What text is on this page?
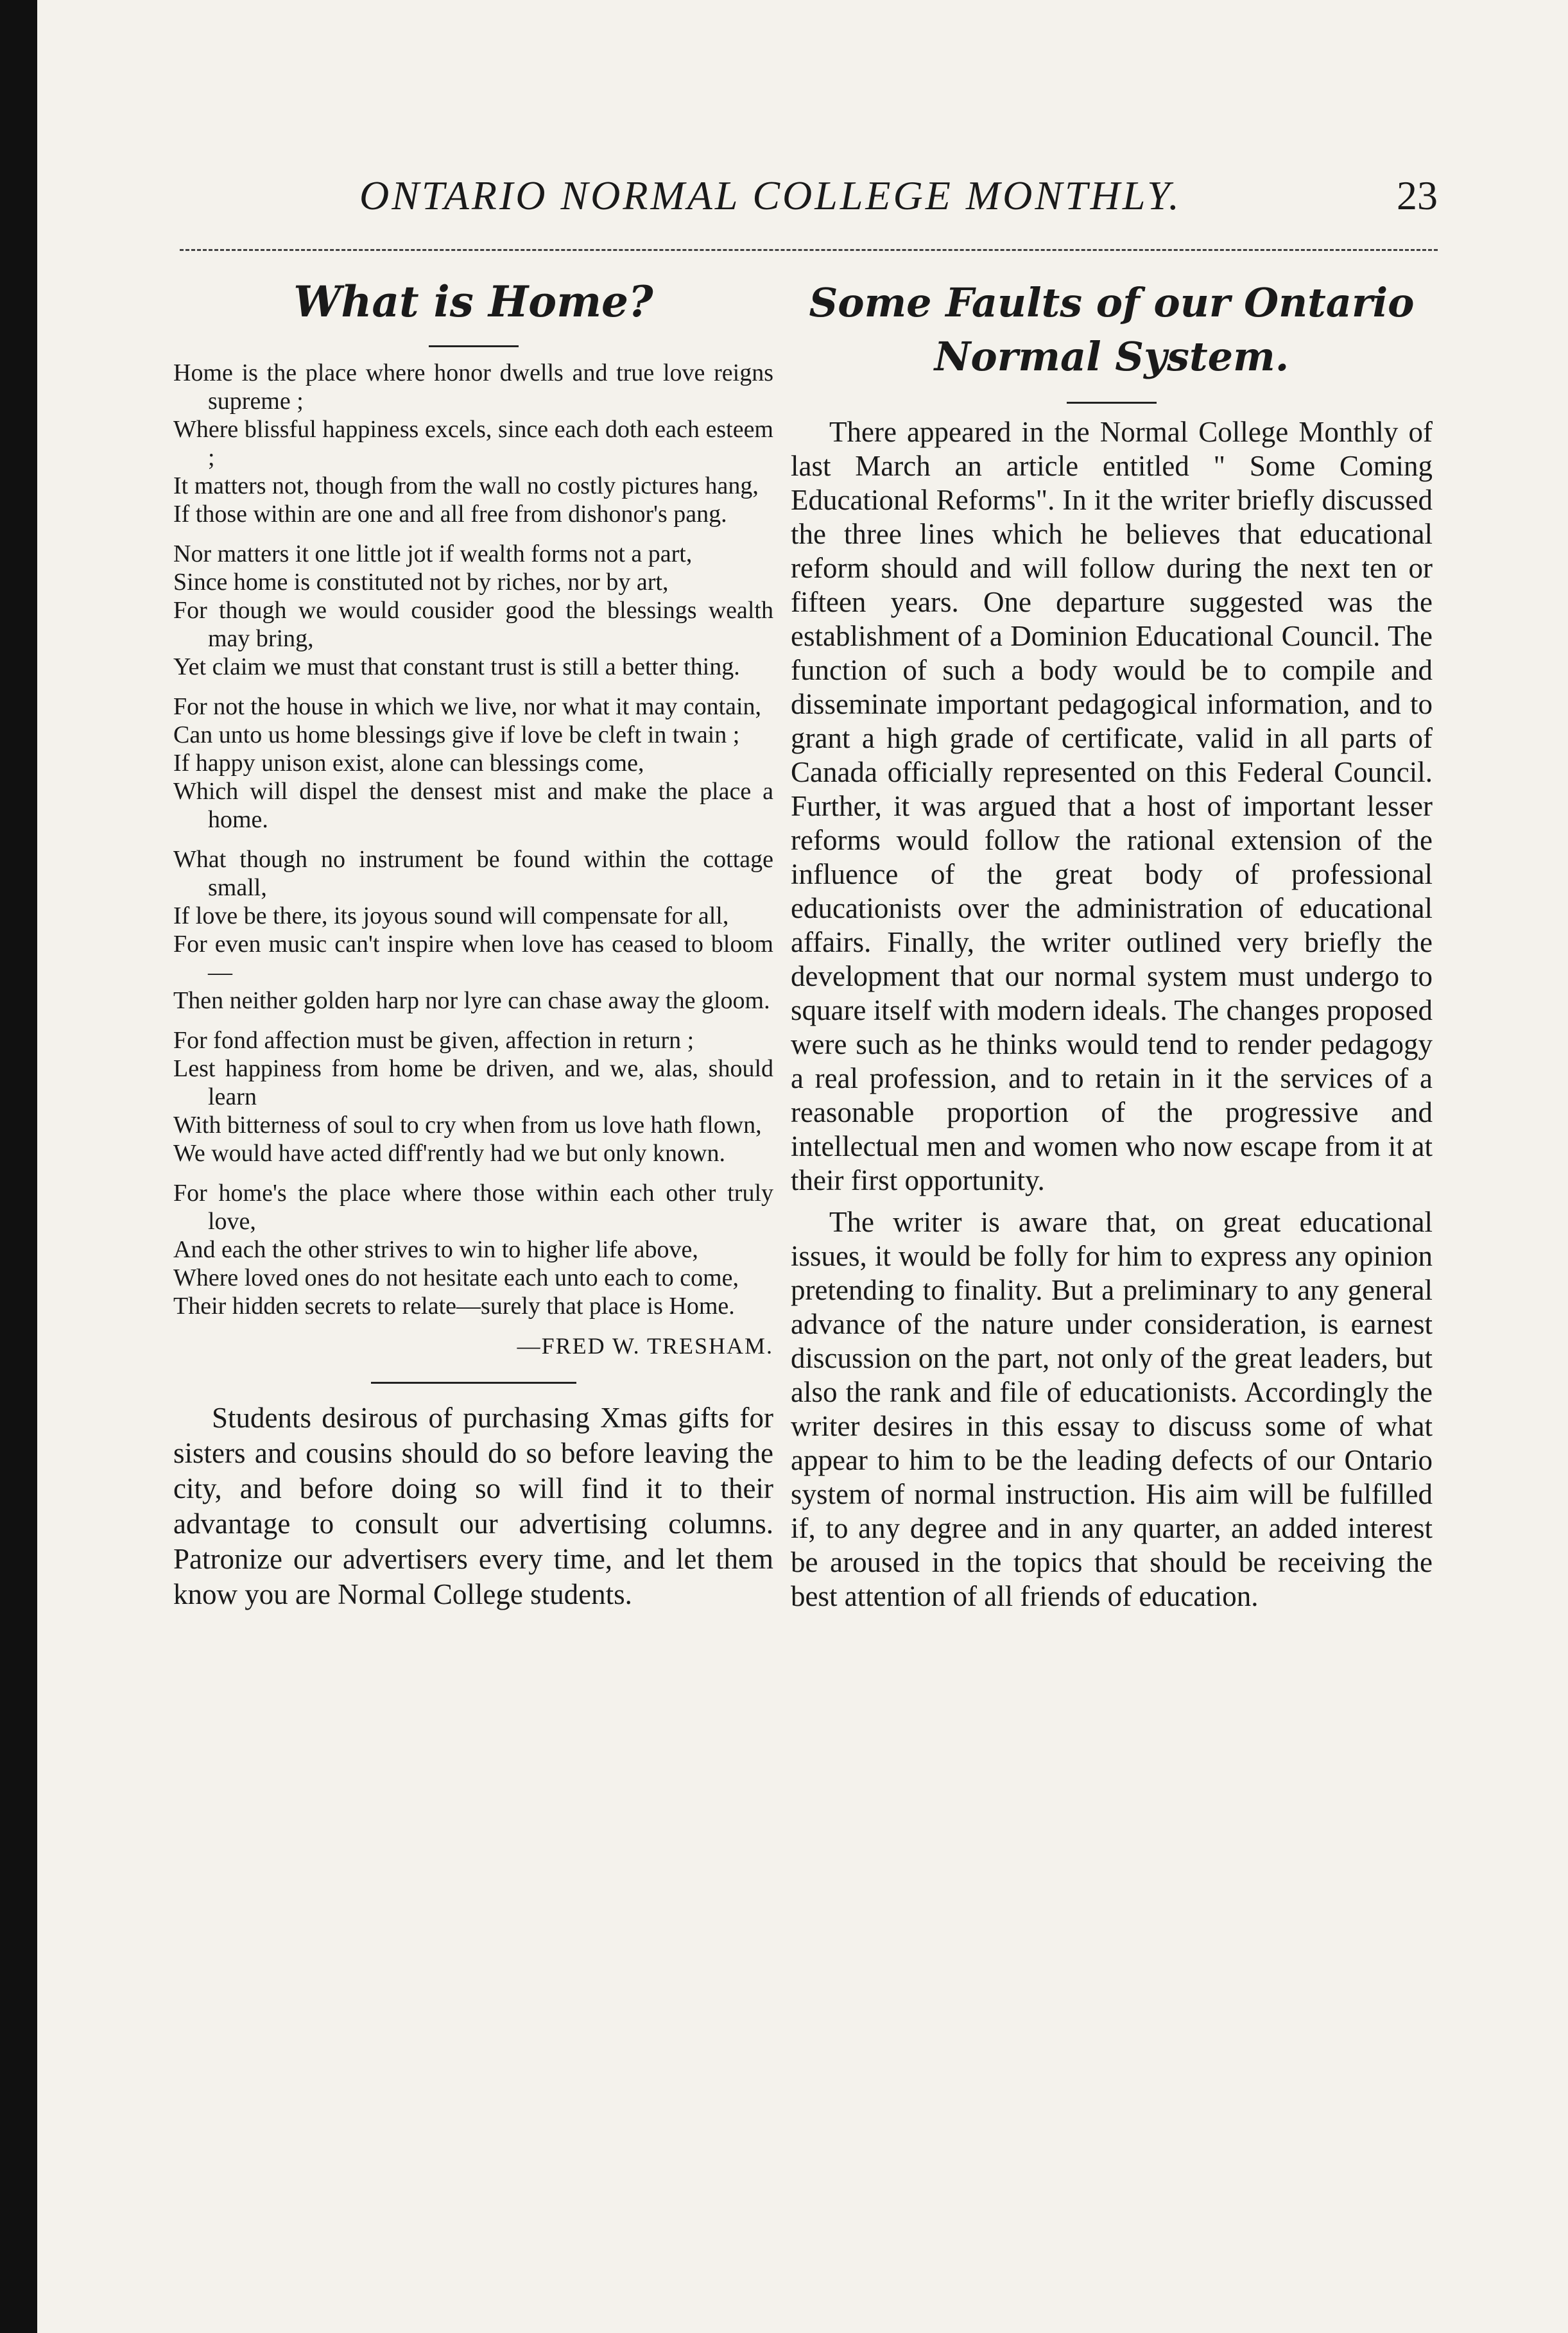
ONTARIO NORMAL COLLEGE MONTHLY.	23
What is Home?
Home is the place where honor dwells and true love reigns supreme ;
Where blissful happiness excels, since each doth each esteem ;
It matters not, though from the wall no costly pictures hang,
If those within are one and all free from dishonor's pang.
Nor matters it one little jot if wealth forms not a part,
Since home is constituted not by riches, nor by art,
For though we would cousider good the blessings wealth may bring,
Yet claim we must that constant trust is still a better thing.
For not the house in which we live, nor what it may contain,
Can unto us home blessings give if love be cleft in twain ;
If happy unison exist, alone can blessings come,
Which will dispel the densest mist and make the place a home.
What though no instrument be found within the cottage small,
If love be there, its joyous sound will compensate for all,
For even music can't inspire when love has ceased to bloom—
Then neither golden harp nor lyre can chase away the gloom.
For fond affection must be given, affection in return ;
Lest happiness from home be driven, and we, alas, should learn
With bitterness of soul to cry when from us love hath flown,
We would have acted diff'rently had we but only known.
For home's the place where those within each other truly love,
And each the other strives to win to higher life above,
Where loved ones do not hesitate each unto each to come,
Their hidden secrets to relate—surely that place is Home.
—FRED W. TRESHAM.

Students desirous of purchasing Xmas gifts for sisters and cousins should do so before leaving the city, and before doing so will find it to their advantage to consult our advertising columns. Patronize our advertisers every time, and let them know you are Normal College students.

Some Faults of our Ontario Normal System.

There appeared in the Normal College Monthly of last March an article entitled " Some Coming Educational Reforms". In it the writer briefly discussed the three lines which he believes that educational reform should and will follow during the next ten or fifteen years. One departure suggested was the establishment of a Dominion Educational Council. The function of such a body would be to compile and disseminate important pedagogical information, and to grant a high grade of certificate, valid in all parts of Canada officially represented on this Federal Council. Further, it was argued that a host of important lesser reforms would follow the rational extension of the influence of the great body of professional educationists over the administration of educational affairs. Finally, the writer outlined very briefly the development that our normal system must undergo to square itself with modern ideals. The changes proposed were such as he thinks would tend to render pedagogy a real profession, and to retain in it the services of a reasonable proportion of the progressive and intellectual men and women who now escape from it at their first opportunity.

The writer is aware that, on great educational issues, it would be folly for him to express any opinion pretending to finality. But a preliminary to any general advance of the nature under consideration, is earnest discussion on the part, not only of the great leaders, but also the rank and file of educationists. Accordingly the writer desires in this essay to discuss some of what appear to him to be the leading defects of our Ontario system of normal instruction. His aim will be fulfilled if, to any degree and in any quarter, an added interest be aroused in the topics that should be receiving the best attention of all friends of education.
